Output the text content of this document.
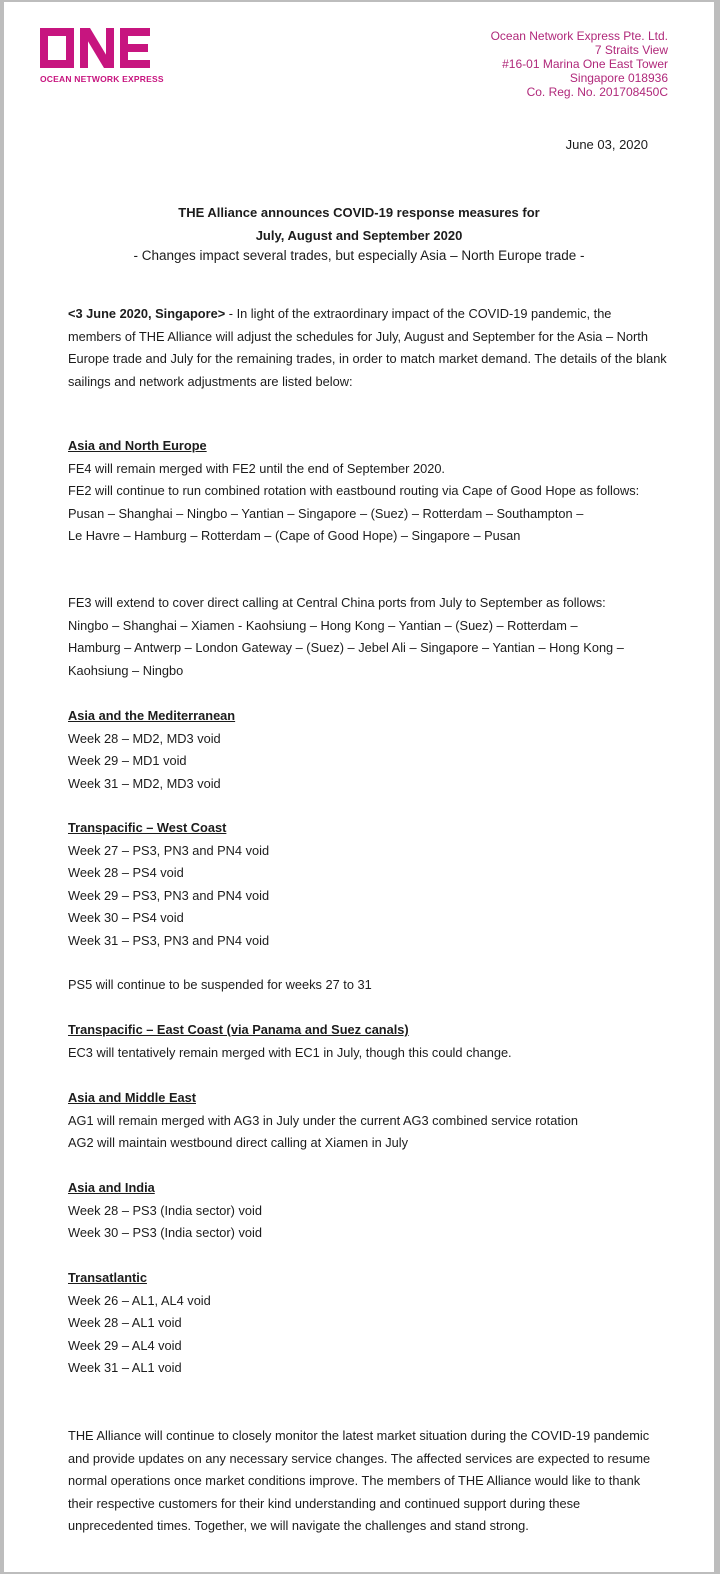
OCEAN NETWORK EXPRESS
Ocean Network Express Pte. Ltd.
7 Straits View
#16-01 Marina One East Tower
Singapore 018936
Co. Reg. No. 201708450C
June 03, 2020
THE Alliance announces COVID-19 response measures for
July, August and September 2020
- Changes impact several trades, but especially Asia – North Europe trade -
<3 June 2020, Singapore> - In light of the extraordinary impact of the COVID-19 pandemic, the members of THE Alliance will adjust the schedules for July, August and September for the Asia – North Europe trade and July for the remaining trades, in order to match market demand. The details of the blank sailings and network adjustments are listed below:

Asia and North Europe

FE4 will remain merged with FE2 until the end of September 2020.

FE2 will continue to run combined rotation with eastbound routing via Cape of Good Hope as follows:

Pusan – Shanghai – Ningbo – Yantian – Singapore – (Suez) – Rotterdam – Southampton –

Le Havre – Hamburg – Rotterdam – (Cape of Good Hope) – Singapore – Pusan

FE3 will extend to cover direct calling at Central China ports from July to September as follows:

Ningbo – Shanghai – Xiamen - Kaohsiung – Hong Kong – Yantian – (Suez) – Rotterdam –

Hamburg – Antwerp – London Gateway – (Suez) – Jebel Ali – Singapore – Yantian – Hong Kong –

Kaohsiung – Ningbo

Asia and the Mediterranean

Week 28 – MD2, MD3 void

Week 29 – MD1 void

Week 31 – MD2, MD3 void

Transpacific – West Coast

Week 27 – PS3, PN3 and PN4 void

Week 28 – PS4 void

Week 29 – PS3, PN3 and PN4 void

Week 30 – PS4 void

Week 31 – PS3, PN3 and PN4 void

PS5 will continue to be suspended for weeks 27 to 31

Transpacific – East Coast (via Panama and Suez canals)

EC3 will tentatively remain merged with EC1 in July, though this could change.

Asia and Middle East

AG1 will remain merged with AG3 in July under the current AG3 combined service rotation

AG2 will maintain westbound direct calling at Xiamen in July

Asia and India

Week 28 – PS3 (India sector) void

Week 30 – PS3 (India sector) void

Transatlantic

Week 26 – AL1, AL4 void

Week 28 – AL1 void

Week 29 – AL4 void

Week 31 – AL1 void

THE Alliance will continue to closely monitor the latest market situation during the COVID-19 pandemic and provide updates on any necessary service changes. The affected services are expected to resume normal operations once market conditions improve. The members of THE Alliance would like to thank their respective customers for their kind understanding and continued support during these unprecedented times. Together, we will navigate the challenges and stand strong.
